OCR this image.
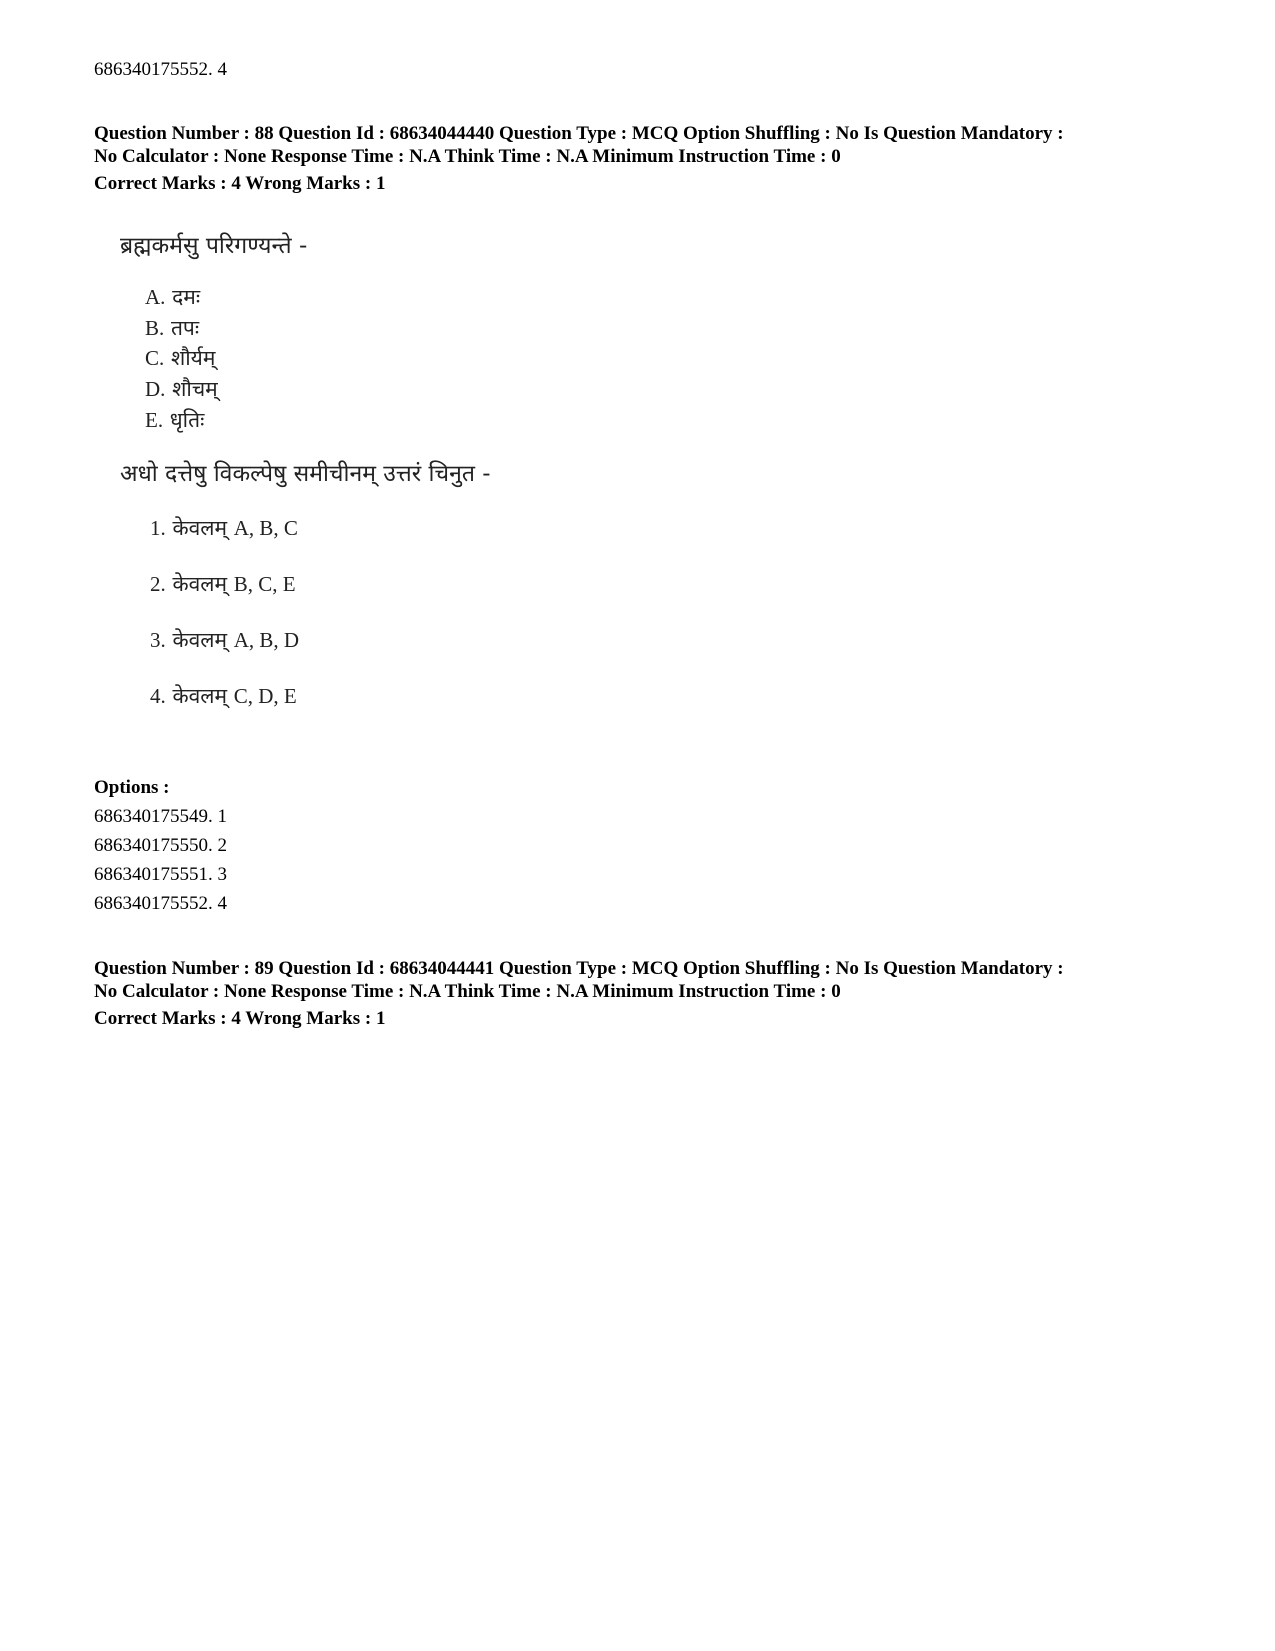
686340175552. 4
Question Number : 88 Question Id : 68634044440 Question Type : MCQ Option Shuffling : No Is Question Mandatory :
No Calculator : None Response Time : N.A Think Time : N.A Minimum Instruction Time : 0
Correct Marks : 4 Wrong Marks : 1
ब्रह्मकर्मसु परिगण्यन्ते -
A. दमः
B. तपः
C. शौर्यम्
D. शौचम्
E. धृतिः
अधो दत्तेषु विकल्पेषु समीचीनम् उत्तरं चिनुत -
1. केवलम् A, B, C
2. केवलम् B, C, E
3. केवलम् A, B, D
4. केवलम् C, D, E
Options :
686340175549. 1
686340175550. 2
686340175551. 3
686340175552. 4
Question Number : 89 Question Id : 68634044441 Question Type : MCQ Option Shuffling : No Is Question Mandatory :
No Calculator : None Response Time : N.A Think Time : N.A Minimum Instruction Time : 0
Correct Marks : 4 Wrong Marks : 1
